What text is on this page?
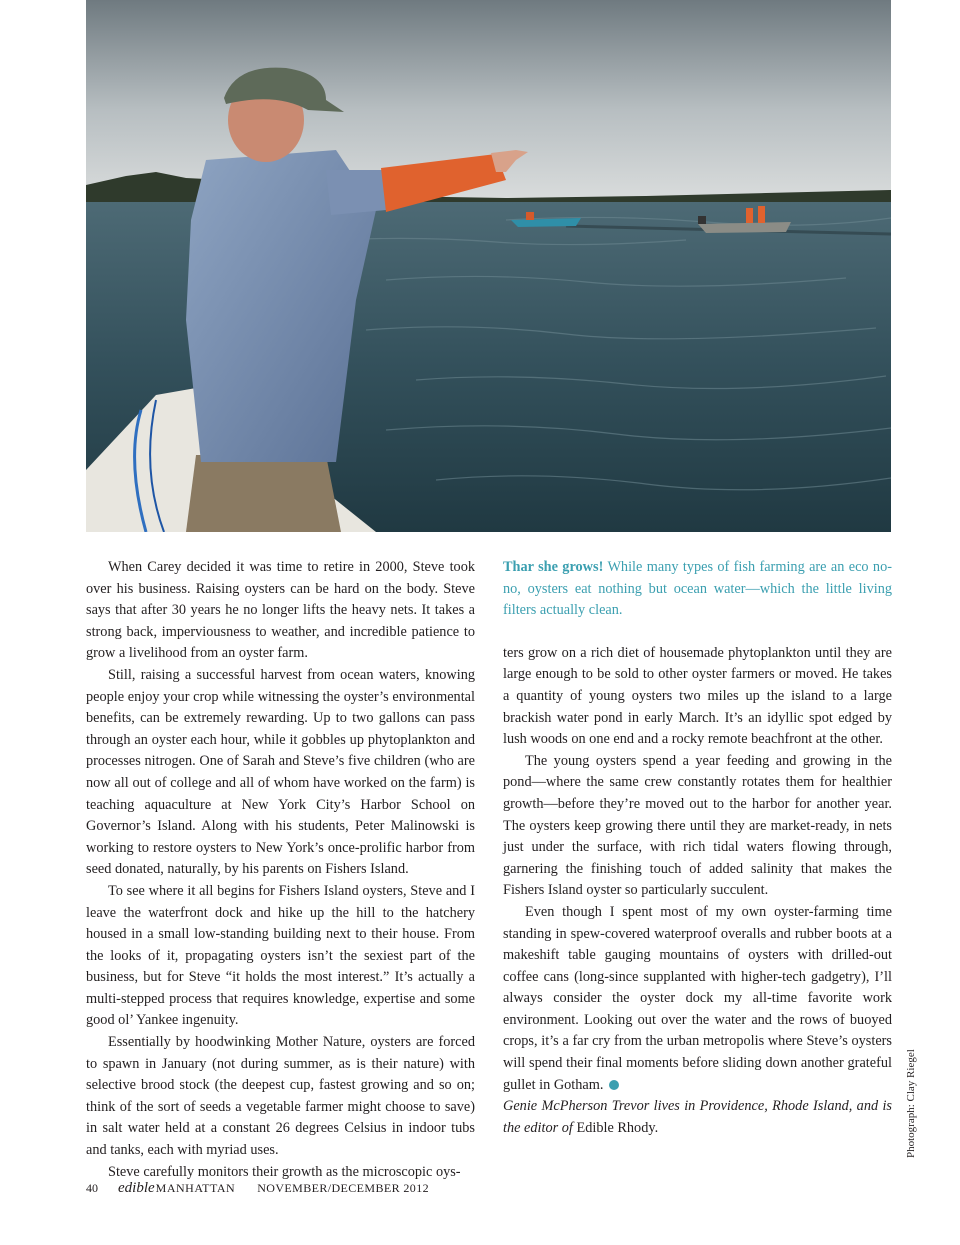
When Carey decided it was time to retire in 2000, Steve took over his business. Raising oysters can be hard on the body. Steve says that after 30 years he no longer lifts the heavy nets. It takes a strong back, imperviousness to weather, and incredible patience to grow a livelihood from an oyster farm.

Still, raising a successful harvest from ocean waters, knowing people enjoy your crop while witnessing the oyster’s environmental benefits, can be extremely rewarding. Up to two gallons can pass through an oyster each hour, while it gobbles up phytoplankton and processes nitrogen. One of Sarah and Steve’s five children (who are now all out of college and all of whom have worked on the farm) is teaching aquaculture at New York City’s Harbor School on Governor’s Island. Along with his students, Peter Malinowski is working to restore oysters to New York’s once-prolific harbor from seed donated, naturally, by his parents on Fishers Island.

To see where it all begins for Fishers Island oysters, Steve and I leave the waterfront dock and hike up the hill to the hatchery housed in a small low-standing building next to their house. From the looks of it, propagating oysters isn’t the sexiest part of the business, but for Steve “it holds the most interest.” It’s actually a multi-stepped process that requires knowledge, expertise and some good ol’ Yankee ingenuity.

Essentially by hoodwinking Mother Nature, oysters are forced to spawn in January (not during summer, as is their nature) with selective brood stock (the deepest cup, fastest growing and so on; think of the sort of seeds a vegetable farmer might choose to save) in salt water held at a constant 26 degrees Celsius in indoor tubs and tanks, each with myriad uses.

Steve carefully monitors their growth as the microscopic oys-

Thar she grows! While many types of fish farming are an eco no-no, oysters eat nothing but ocean water—which the little living filters actually clean.

ters grow on a rich diet of housemade phytoplankton until they are large enough to be sold to other oyster farmers or moved. He takes a quantity of young oysters two miles up the island to a large brackish water pond in early March. It’s an idyllic spot edged by lush woods on one end and a rocky remote beachfront at the other.

The young oysters spend a year feeding and growing in the pond—where the same crew constantly rotates them for healthier growth—before they’re moved out to the harbor for another year. The oysters keep growing there until they are market-ready, in nets just under the surface, with rich tidal waters flowing through, garnering the finishing touch of added salinity that makes the Fishers Island oyster so particularly succulent.

Even though I spent most of my own oyster-farming time standing in spew-covered waterproof overalls and rubber boots at a makeshift table gauging mountains of oysters with drilled-out coffee cans (long-since supplanted with higher-tech gadgetry), I’ll always consider the oyster dock my all-time favorite work environment. Looking out over the water and the rows of buoyed crops, it’s a far cry from the urban metropolis where Steve’s oysters will spend their final moments before sliding down another grateful gullet in Gotham.

Genie McPherson Trevor lives in Providence, Rhode Island, and is the editor of Edible Rhody.	Photograph: Clay Riegel
40 edible MANHATTAN NOVEMBER/DECEMBER 2012
